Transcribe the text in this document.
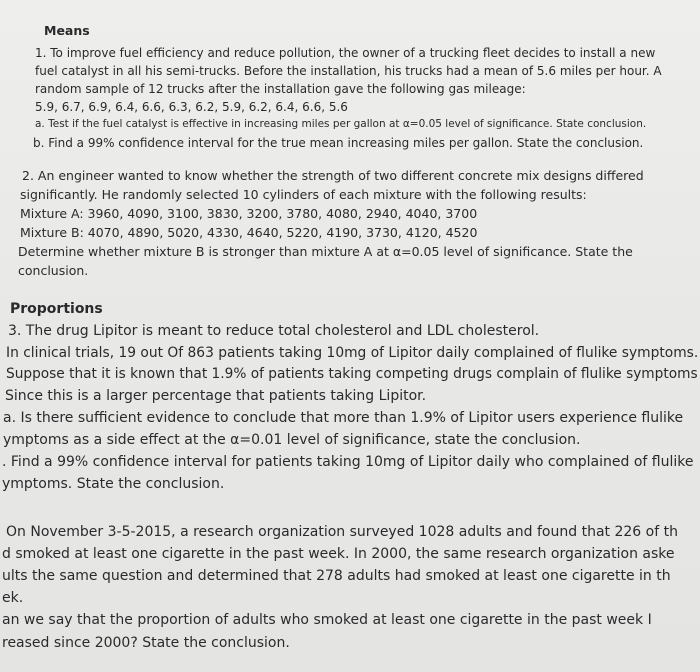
Means
1. To improve fuel efficiency and reduce pollution, the owner of a trucking fleet decides to install a new
fuel catalyst in all his semi-trucks. Before the installation, his trucks had a mean of 5.6 miles per hour. A
random sample of 12 trucks after the installation gave the following gas mileage:
5.9, 6.7, 6.9, 6.4, 6.6, 6.3, 6.2, 5.9, 6.2, 6.4, 6.6, 5.6
a. Test if the fuel catalyst is effective in increasing miles per gallon at α=0.05 level of significance. State conclusion.
b. Find a 99% confidence interval for the true mean increasing miles per gallon. State the conclusion.
2. An engineer wanted to know whether the strength of two different concrete mix designs differed
significantly. He randomly selected 10 cylinders of each mixture with the following results:
Mixture A: 3960, 4090, 3100, 3830, 3200, 3780, 4080, 2940, 4040, 3700
Mixture B: 4070, 4890, 5020, 4330, 4640, 5220, 4190, 3730, 4120, 4520
Determine whether mixture B is stronger than mixture A at α=0.05 level of significance. State the
conclusion.
Proportions
3. The drug Lipitor is meant to reduce total cholesterol and LDL cholesterol.
In clinical trials, 19 out Of 863 patients taking 10mg of Lipitor daily complained of flulike symptoms.
Suppose that it is known that 1.9% of patients taking competing drugs complain of flulike symptoms
Since this is a larger percentage that patients taking Lipitor.
a. Is there sufficient evidence to conclude that more than 1.9% of Lipitor users experience flulike
ymptoms as a side effect at the α=0.01 level of significance, state the conclusion.
. Find a 99% confidence interval for patients taking 10mg of Lipitor daily who complained of flulike
ymptoms. State the conclusion.
On November 3-5-2015, a research organization surveyed 1028 adults and found that 226 of th
d smoked at least one cigarette in the past week. In 2000, the same research organization aske
ults the same question and determined that 278 adults had smoked at least one cigarette in th
ek.
an we say that the proportion of adults who smoked at least one cigarette in the past week I
reased since 2000? State the conclusion.
